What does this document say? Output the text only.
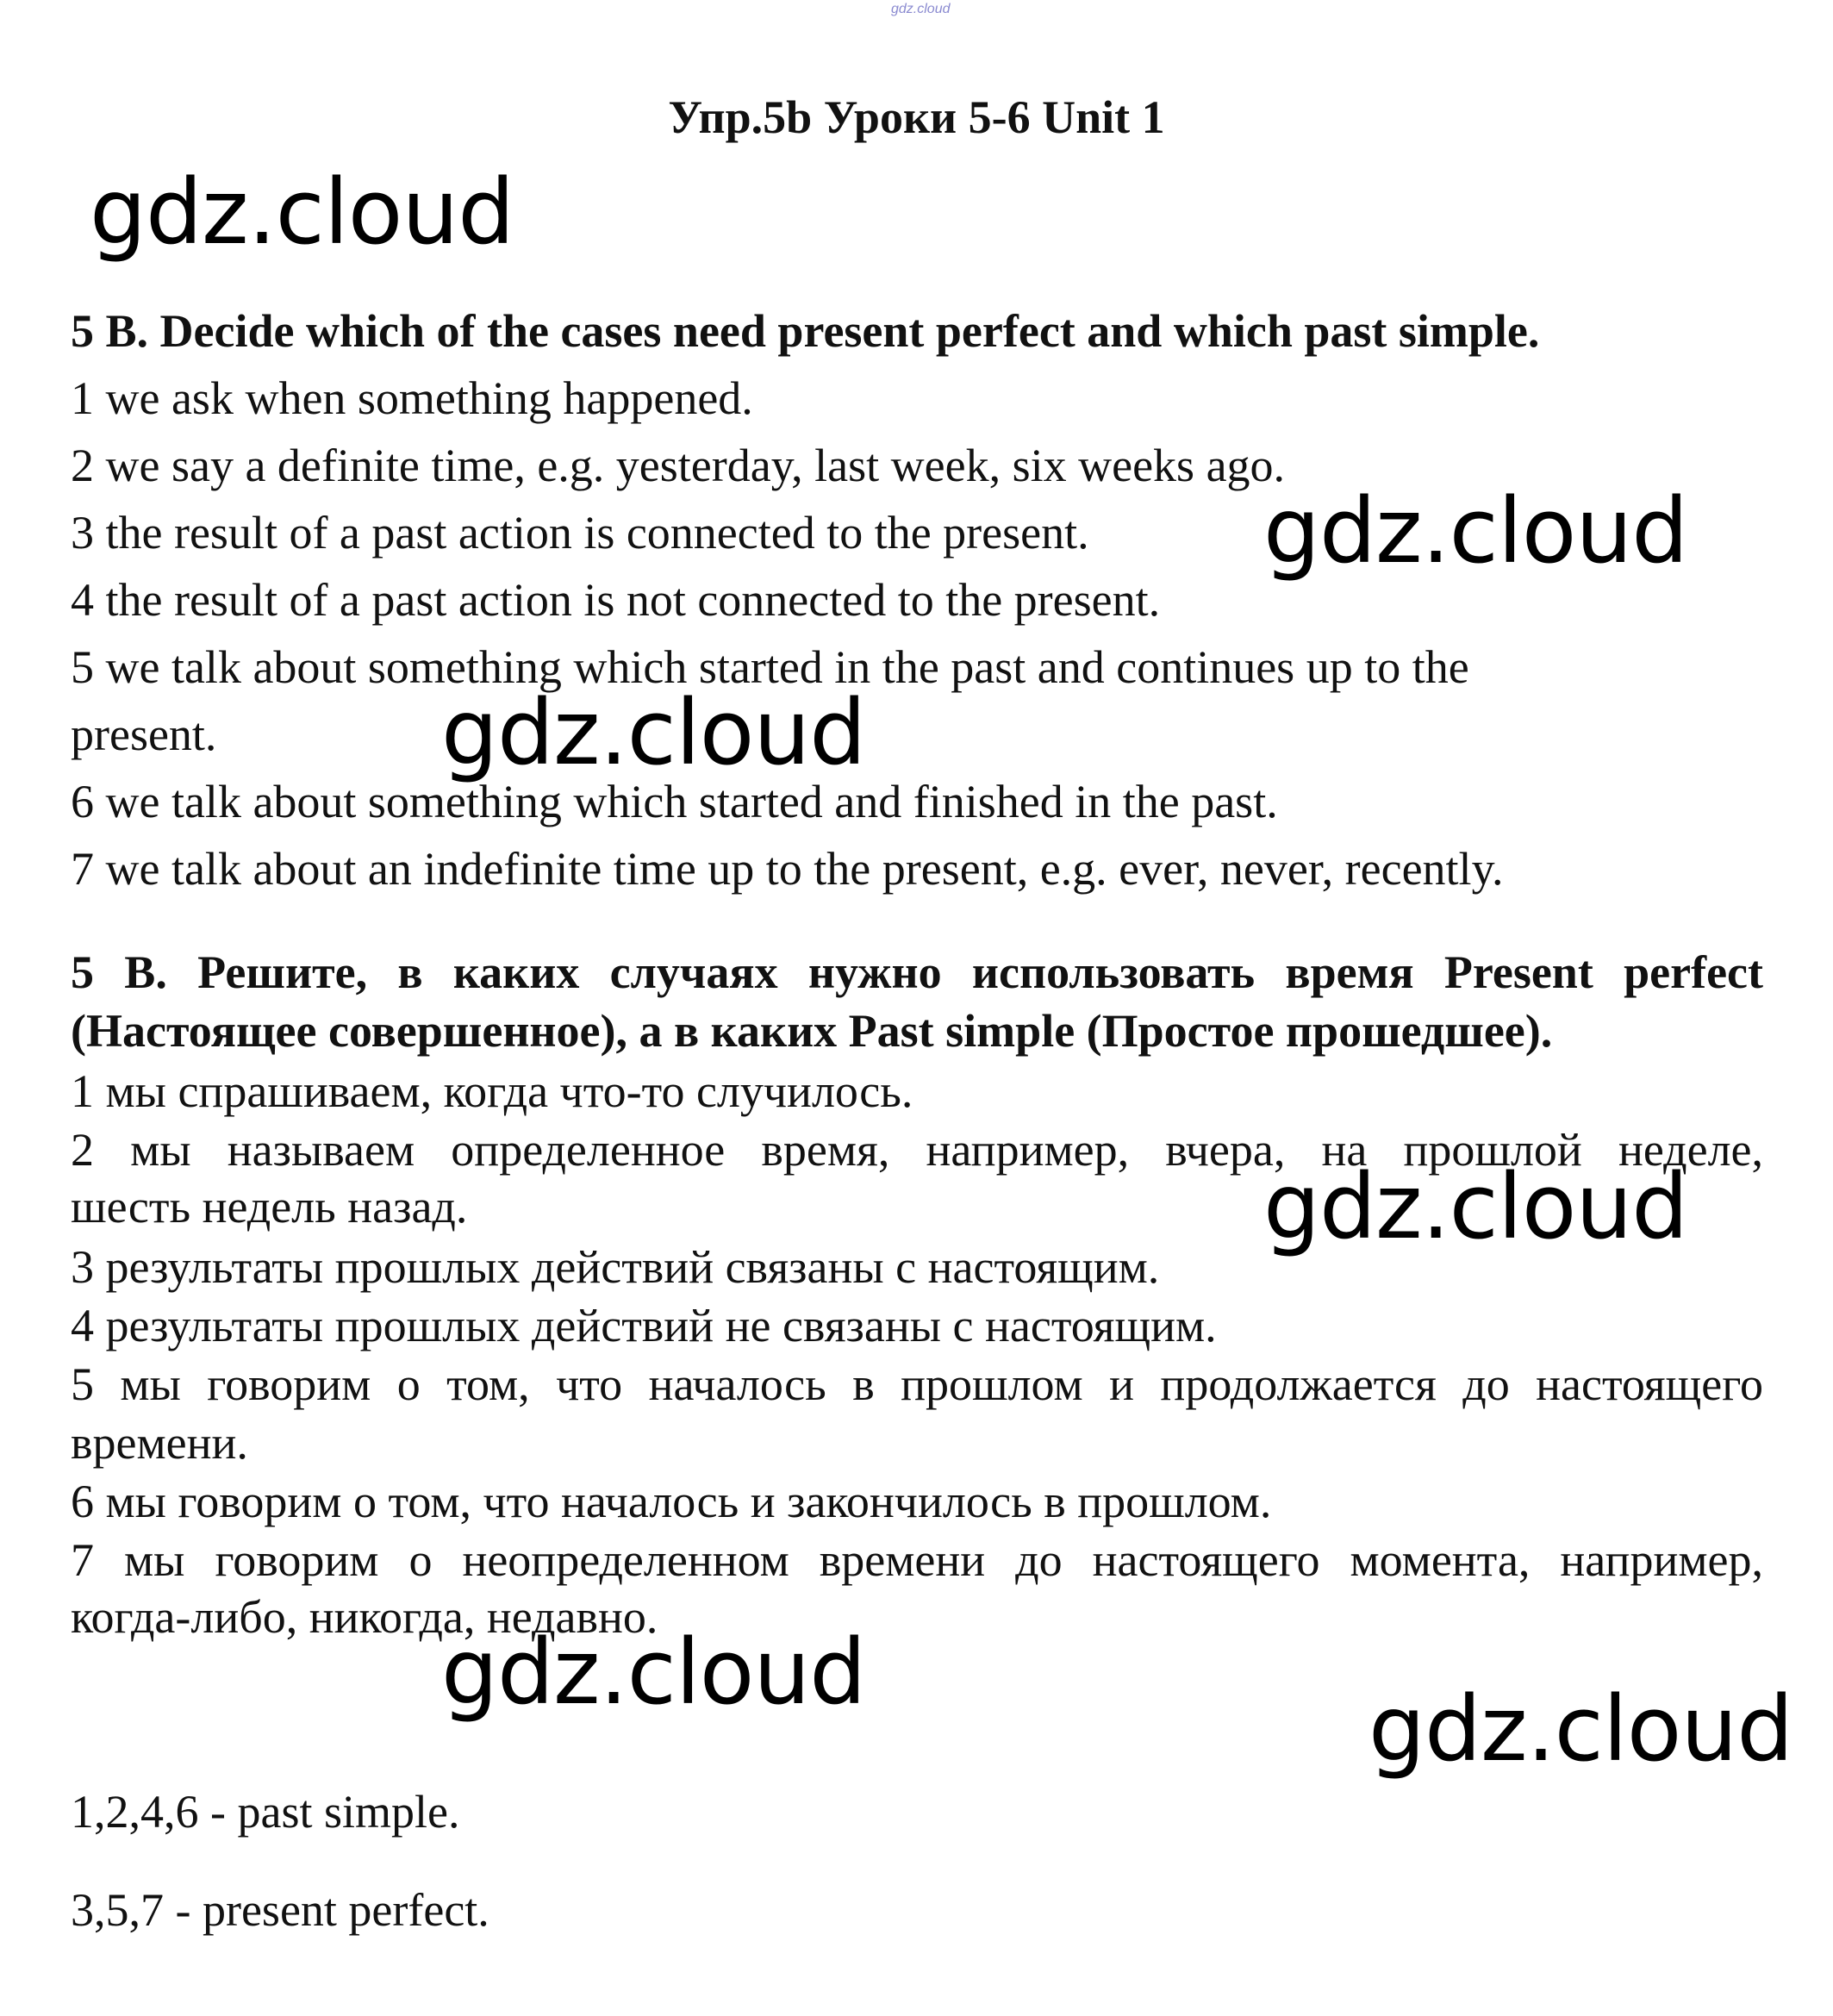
gdz.cloud
Упр.5b Уроки 5-6 Unit 1
gdz.cloud
gdz.cloud
gdz.cloud
gdz.cloud
gdz.cloud
gdz.cloud
5 B. Decide which of the cases need present perfect and which past simple.
1 we ask when something happened.
2 we say a definite time, e.g. yesterday, last week, six weeks ago.
3 the result of a past action is connected to the present.
4 the result of a past action is not connected to the present.
5 we talk about something which started in the past and continues up to the
present.
6 we talk about something which started and finished in the past.
7 we talk about an indefinite time up to the present, e.g. ever, never, recently.
5 B. Решите, в каких случаях нужно использовать время Present perfect
(Настоящее совершенное), а в каких Past simple (Простое прошедшее).
1 мы спрашиваем, когда что-то случилось.
2 мы называем определенное время, например, вчера, на прошлой неделе,
шесть недель назад.
3 результаты прошлых действий связаны с настоящим.
4 результаты прошлых действий не связаны с настоящим.
5 мы говорим о том, что началось в прошлом и продолжается до настоящего
времени.
6 мы говорим о том, что началось и закончилось в прошлом.
7 мы говорим о неопределенном времени до настоящего момента, например,
когда-либо, никогда, недавно.
1,2,4,6 - past simple.
3,5,7 - present perfect.
